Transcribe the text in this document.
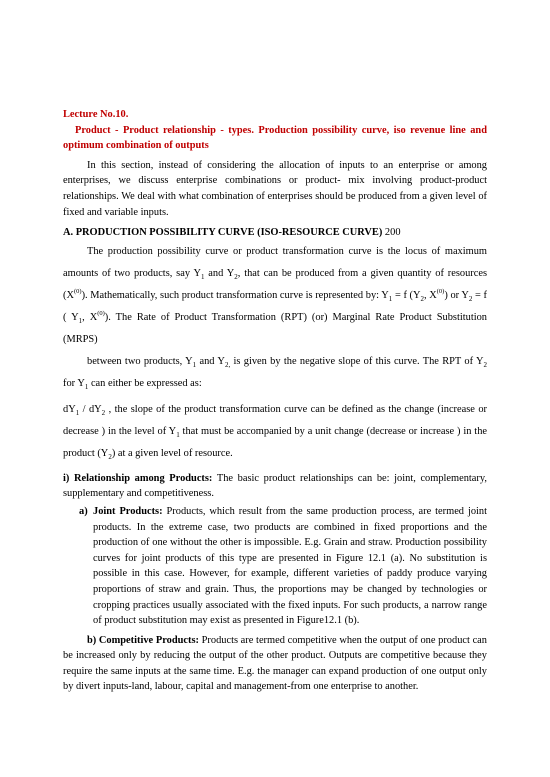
Lecture No.10.

Product - Product relationship - types. Production possibility curve, iso revenue line and optimum combination of outputs

In this section, instead of considering the allocation of inputs to an enterprise or among enterprises, we discuss enterprise combinations or product- mix involving product-product relationships. We deal with what combination of enterprises should be produced from a given level of fixed and variable inputs.

A. PRODUCTION POSSIBILITY CURVE (ISO-RESOURCE CURVE) 200

The production possibility curve or product transformation curve is the locus of maximum amounts of two products, say $Y_1$ and $Y_2$, that can be produced from a given quantity of resources $(X^{(0)})$. Mathematically, such product transformation curve is represented by: $Y_1 = f$ ($Y_2$, $X^{(0)}$) or $Y_2 = f$ ( $Y_1$, $X^{(0)}$). The Rate of Product Transformation (RPT) (or) Marginal Rate Product Substitution (MRPS)

between two products, $Y_1$ and $Y_{2,}$ is given by the negative slope of this curve. The RPT of $Y_2$ for $Y_1$ can either be expressed as:

$dY_1 / dY_2$ , the slope of the product transformation curve can be defined as the change (increase or decrease ) in the level of $Y_1$ that must be accompanied by a unit change (decrease or increase ) in the product $(Y_2)$ at a given level of resource.

i) Relationship among Products: The basic product relationships can be: joint, complementary, supplementary and competitiveness.

a) Joint Products: Products, which result from the same production process, are termed joint products. In the extreme case, two products are combined in fixed proportions and the production of one without the other is impossible. E.g. Grain and straw. Production possibility curves for joint products of this type are presented in Figure 12.1 (a). No substitution is possible in this case. However, for example, different varieties of paddy produce varying proportions of straw and grain. Thus, the proportions may be changed by technologies or cropping practices usually associated with the fixed inputs. For such products, a narrow range of product substitution may exist as presented in Figure12.1 (b).

b) Competitive Products: Products are termed competitive when the output of one product can be increased only by reducing the output of the other product. Outputs are competitive because they require the same inputs at the same time. E.g. the manager can expand production of one output only by divert inputs-land, labour, capital and management-from one enterprise to another.
